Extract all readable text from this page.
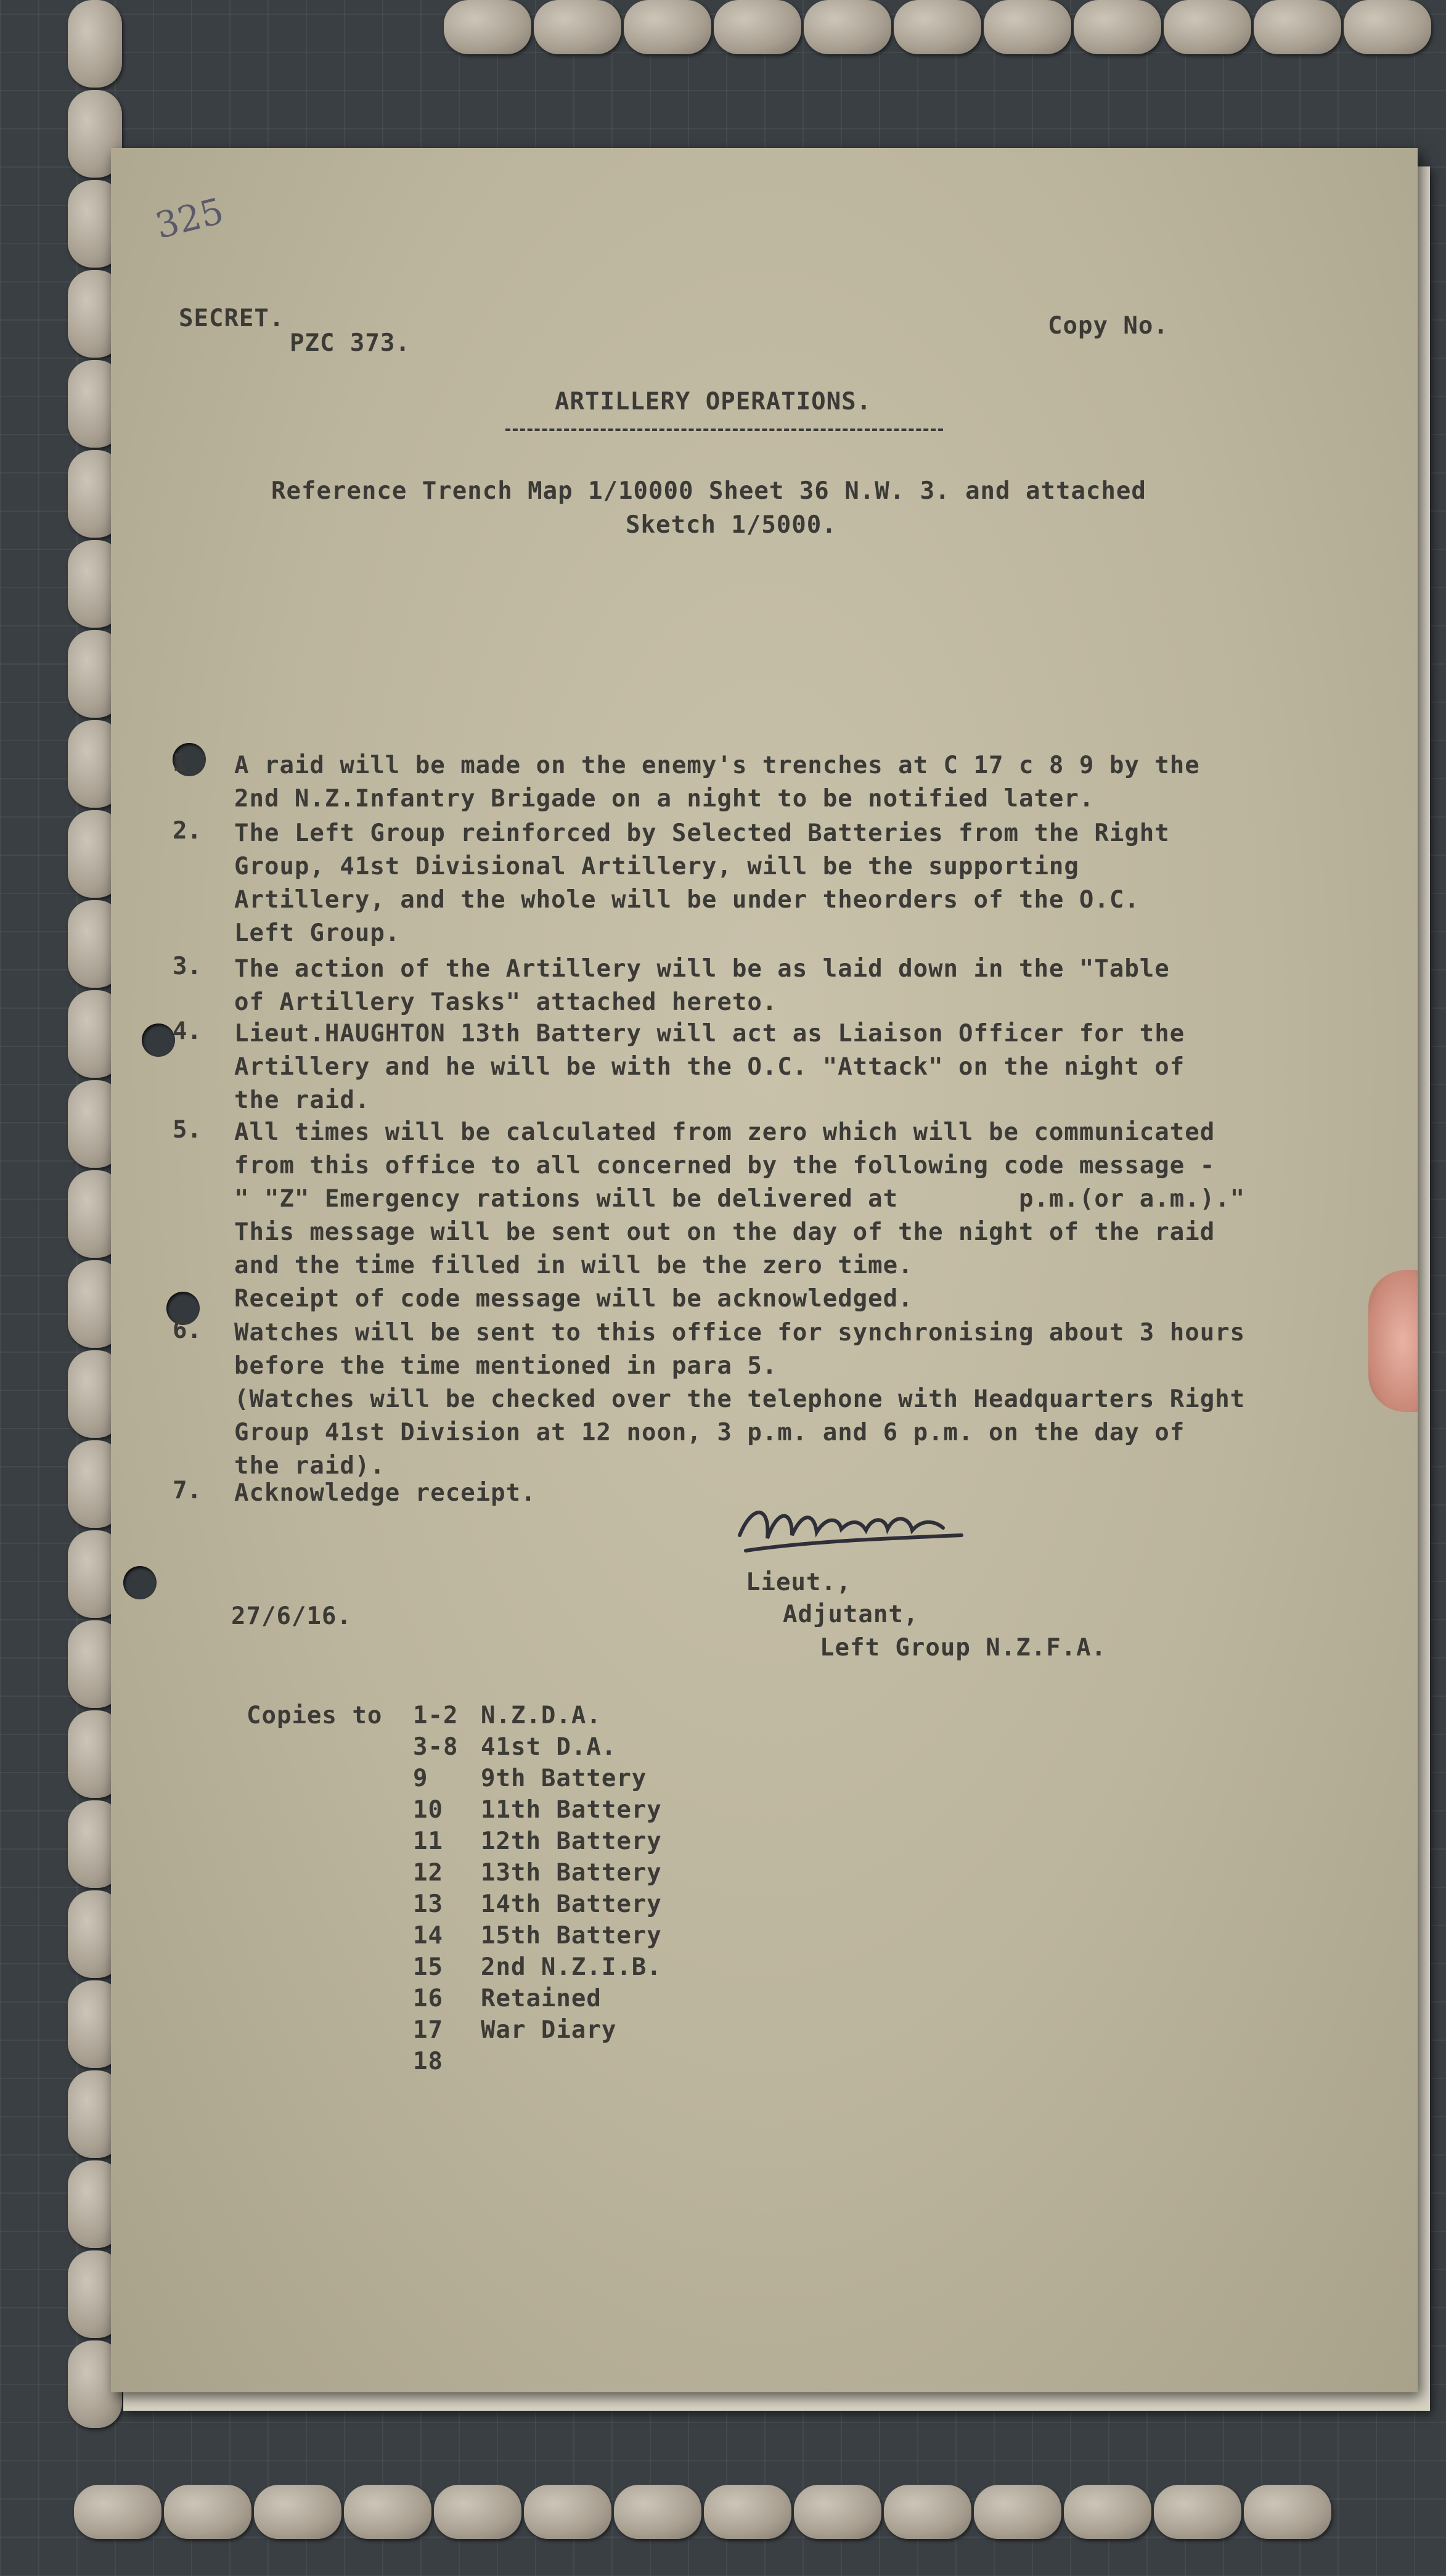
325
SECRET.
PZC 373.
Copy No.
ARTILLERY OPERATIONS.
Reference Trench Map 1/10000 Sheet 36 N.W. 3. and attached
Sketch 1/5000.
1. A raid will be made on the enemy's trenches at C 17 c 8 9 by the
2nd N.Z.Infantry Brigade on a night to be notified later.
2. The Left Group reinforced by Selected Batteries from the Right
Group, 41st Divisional Artillery, will be the supporting
Artillery, and the whole will be under theorders of the O.C.
Left Group.
3. The action of the Artillery will be as laid down in the "Table
of Artillery Tasks" attached hereto.
4. Lieut.HAUGHTON 13th Battery will act as Liaison Officer for the
Artillery and he will be with the O.C. "Attack" on the night of
the raid.
5. All times will be calculated from zero which will be communicated
from this office to all concerned by the following code message -
" "Z" Emergency rations will be delivered at        p.m.(or a.m.)."
This message will be sent out on the day of the night of the raid
and the time filled in will be the zero time.
Receipt of code message will be acknowledged.
6. Watches will be sent to this office for synchronising about 3 hours
before the time mentioned in para 5.
(Watches will be checked over the telephone with Headquarters Right
Group 41st Division at 12 noon, 3 p.m. and 6 p.m. on the day of
the raid).
7. Acknowledge receipt.
27/6/16.
Lieut.,
Adjutant,
Left Group N.Z.F.A.
Copies to 1-2 N.Z.D.A.
3-8 41st D.A.
9 9th Battery
10 11th Battery
11 12th Battery
12 13th Battery
13 14th Battery
14 15th Battery
15 2nd N.Z.I.B.
16 Retained
17 War Diary
18
